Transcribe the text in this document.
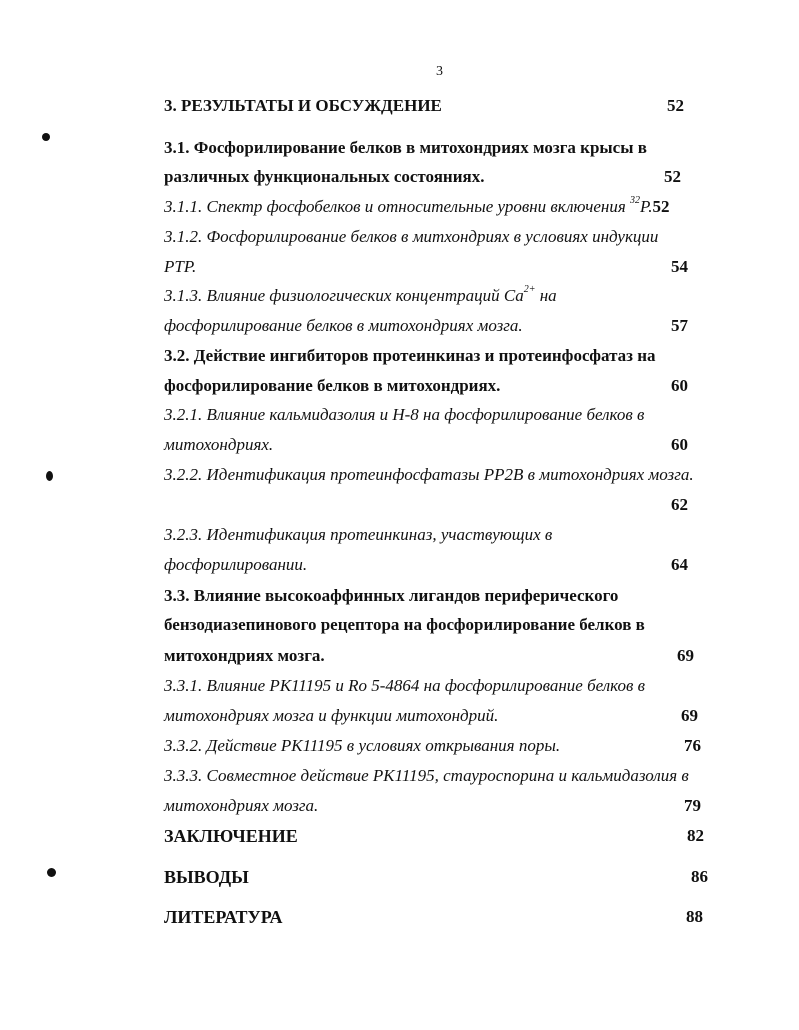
3
3. РЕЗУЛЬТАТЫ И ОБСУЖДЕНИЕ	52
3.1. Фосфорилирование белков в митохондриях мозга крысы в
различных функциональных состояниях.	52
3.1.1. Спектр фосфобелков и относительные уровни включения $^{32}$P.52
3.1.2. Фосфорилирование белков в митхондриях в условиях индукции
PTP.	54
3.1.3. Влияние физиологических концентраций $Ca^{2+}$ на
фосфорилирование белков в митохондриях мозга.	57
3.2. Действие ингибиторов протеинкиназ и протеинфосфатаз на
фосфорилирование белков в митохондриях.	60
3.2.1. Влияние кальмидазолия и H-8 на фосфорилирование белков в
митохондриях.	60
3.2.2. Идентификация протеинфосфатазы PP2B в митохондриях мозга.
62
3.2.3. Идентификация протеинкиназ, участвующих в
фосфорилировании.	64
3.3. Влияние высокоаффинных лигандов периферического
бензодиазепинового рецептора на фосфорилирование белков в
митохондриях мозга.	69
3.3.1. Влияние PK11195 и Ro 5-4864 на фосфорилирование белков в
митохондриях мозга и функции митохондрий.	69
3.3.2. Действие PK11195 в условиях открывания поры.	76
3.3.3. Совместное действие PK11195, стауроспорина и кальмидазолия в
митохондриях мозга.	79
ЗАКЛЮЧЕНИЕ	82
ВЫВОДЫ	86
ЛИТЕРАТУРА	88
